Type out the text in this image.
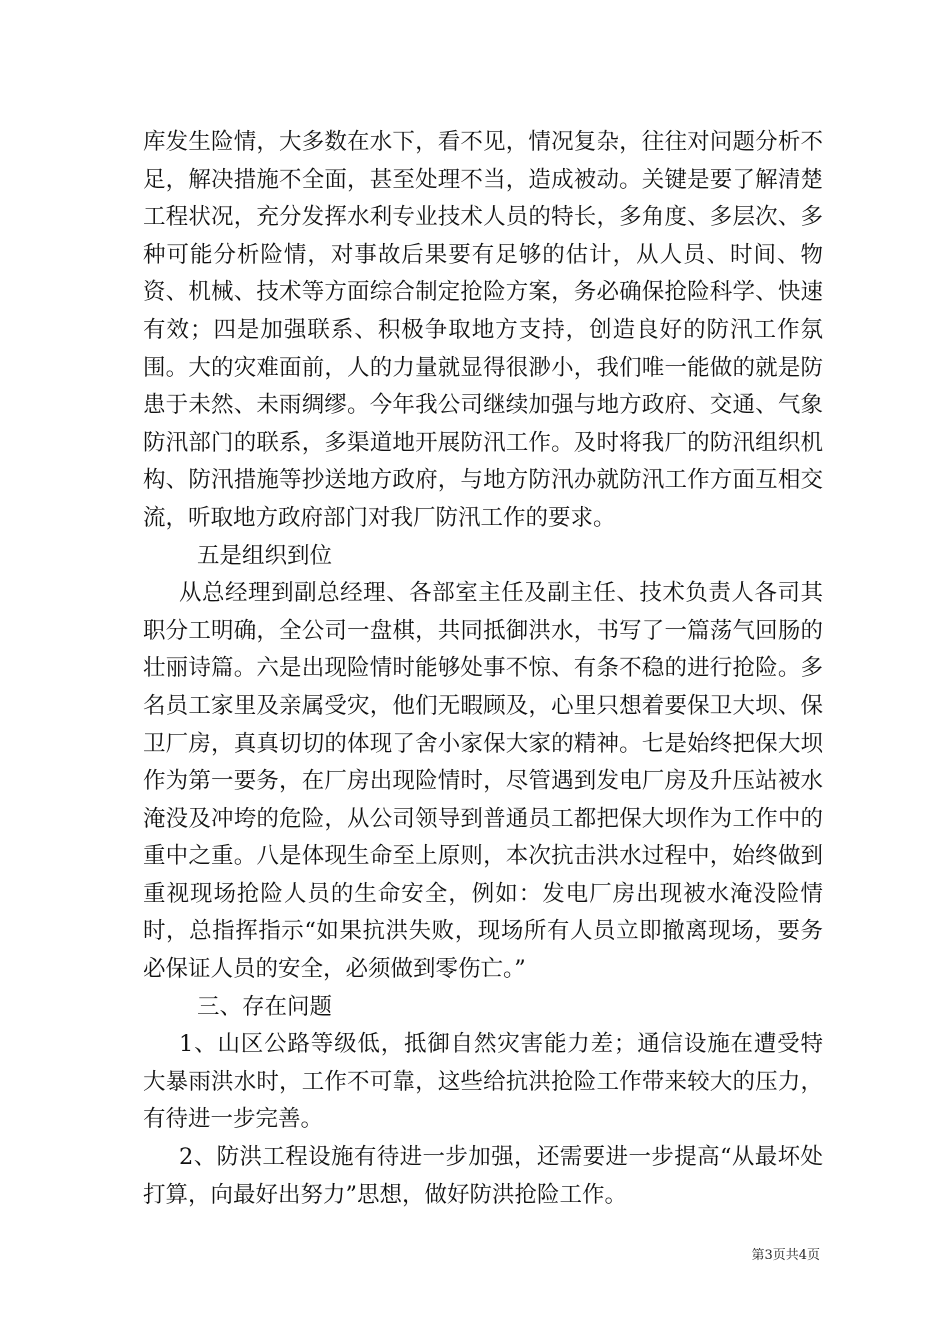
库发生险情，大多数在水下，看不见，情况复杂，往往对问题分析不足，解决措施不全面，甚至处理不当，造成被动。关键是要了解清楚工程状况，充分发挥水利专业技术人员的特长，多角度、多层次、多种可能分析险情，对事故后果要有足够的估计，从人员、时间、物资、机械、技术等方面综合制定抢险方案，务必确保抢险科学、快速有效；四是加强联系、积极争取地方支持，创造良好的防汛工作氛围。大的灾难面前，人的力量就显得很渺小，我们唯一能做的就是防患于未然、未雨绸缪。今年我公司继续加强与地方政府、交通、气象防汛部门的联系，多渠道地开展防汛工作。及时将我厂的防汛组织机构、防汛措施等抄送地方政府，与地方防汛办就防汛工作方面互相交流，听取地方政府部门对我厂防汛工作的要求。

五是组织到位

从总经理到副总经理、各部室主任及副主任、技术负责人各司其职分工明确，全公司一盘棋，共同抵御洪水，书写了一篇荡气回肠的壮丽诗篇。六是出现险情时能够处事不惊、有条不稳的进行抢险。多名员工家里及亲属受灾，他们无暇顾及，心里只想着要保卫大坝、保卫厂房，真真切切的体现了舍小家保大家的精神。七是始终把保大坝作为第一要务，在厂房出现险情时，尽管遇到发电厂房及升压站被水淹没及冲垮的危险，从公司领导到普通员工都把保大坝作为工作中的重中之重。八是体现生命至上原则，本次抗击洪水过程中，始终做到重视现场抢险人员的生命安全，例如：发电厂房出现被水淹没险情时，总指挥指示“如果抗洪失败，现场所有人员立即撤离现场，要务必保证人员的安全，必须做到零伤亡。”

三、存在问题

1、山区公路等级低，抵御自然灾害能力差；通信设施在遭受特大暴雨洪水时，工作不可靠，这些给抗洪抢险工作带来较大的压力，有待进一步完善。

2、防洪工程设施有待进一步加强，还需要进一步提高“从最坏处打算，向最好出努力”思想，做好防洪抢险工作。

第3页共4页
